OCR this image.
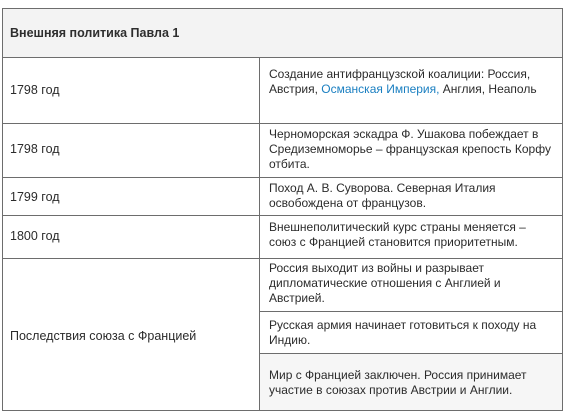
Внешняя политика Павла 1
1798 год
Создание антифранцузской коалиции: Россия, Австрия, Османская Империя, Англия, Неаполь
1798 год
Черноморская эскадра Ф. Ушакова побеждает в Средиземноморье – французская крепость Корфу отбита.
1799 год
Поход А. В. Суворова. Северная Италия освобождена от французов.
1800 год
Внешнеполитический курс страны меняется – союз с Францией становится приоритетным.
Последствия союза с Францией
Россия выходит из войны и разрывает дипломатические отношения с Англией и Австрией.
Русская армия начинает готовиться к походу на Индию.
Мир с Францией заключен. Россия принимает участие в союзах против Австрии и Англии.
